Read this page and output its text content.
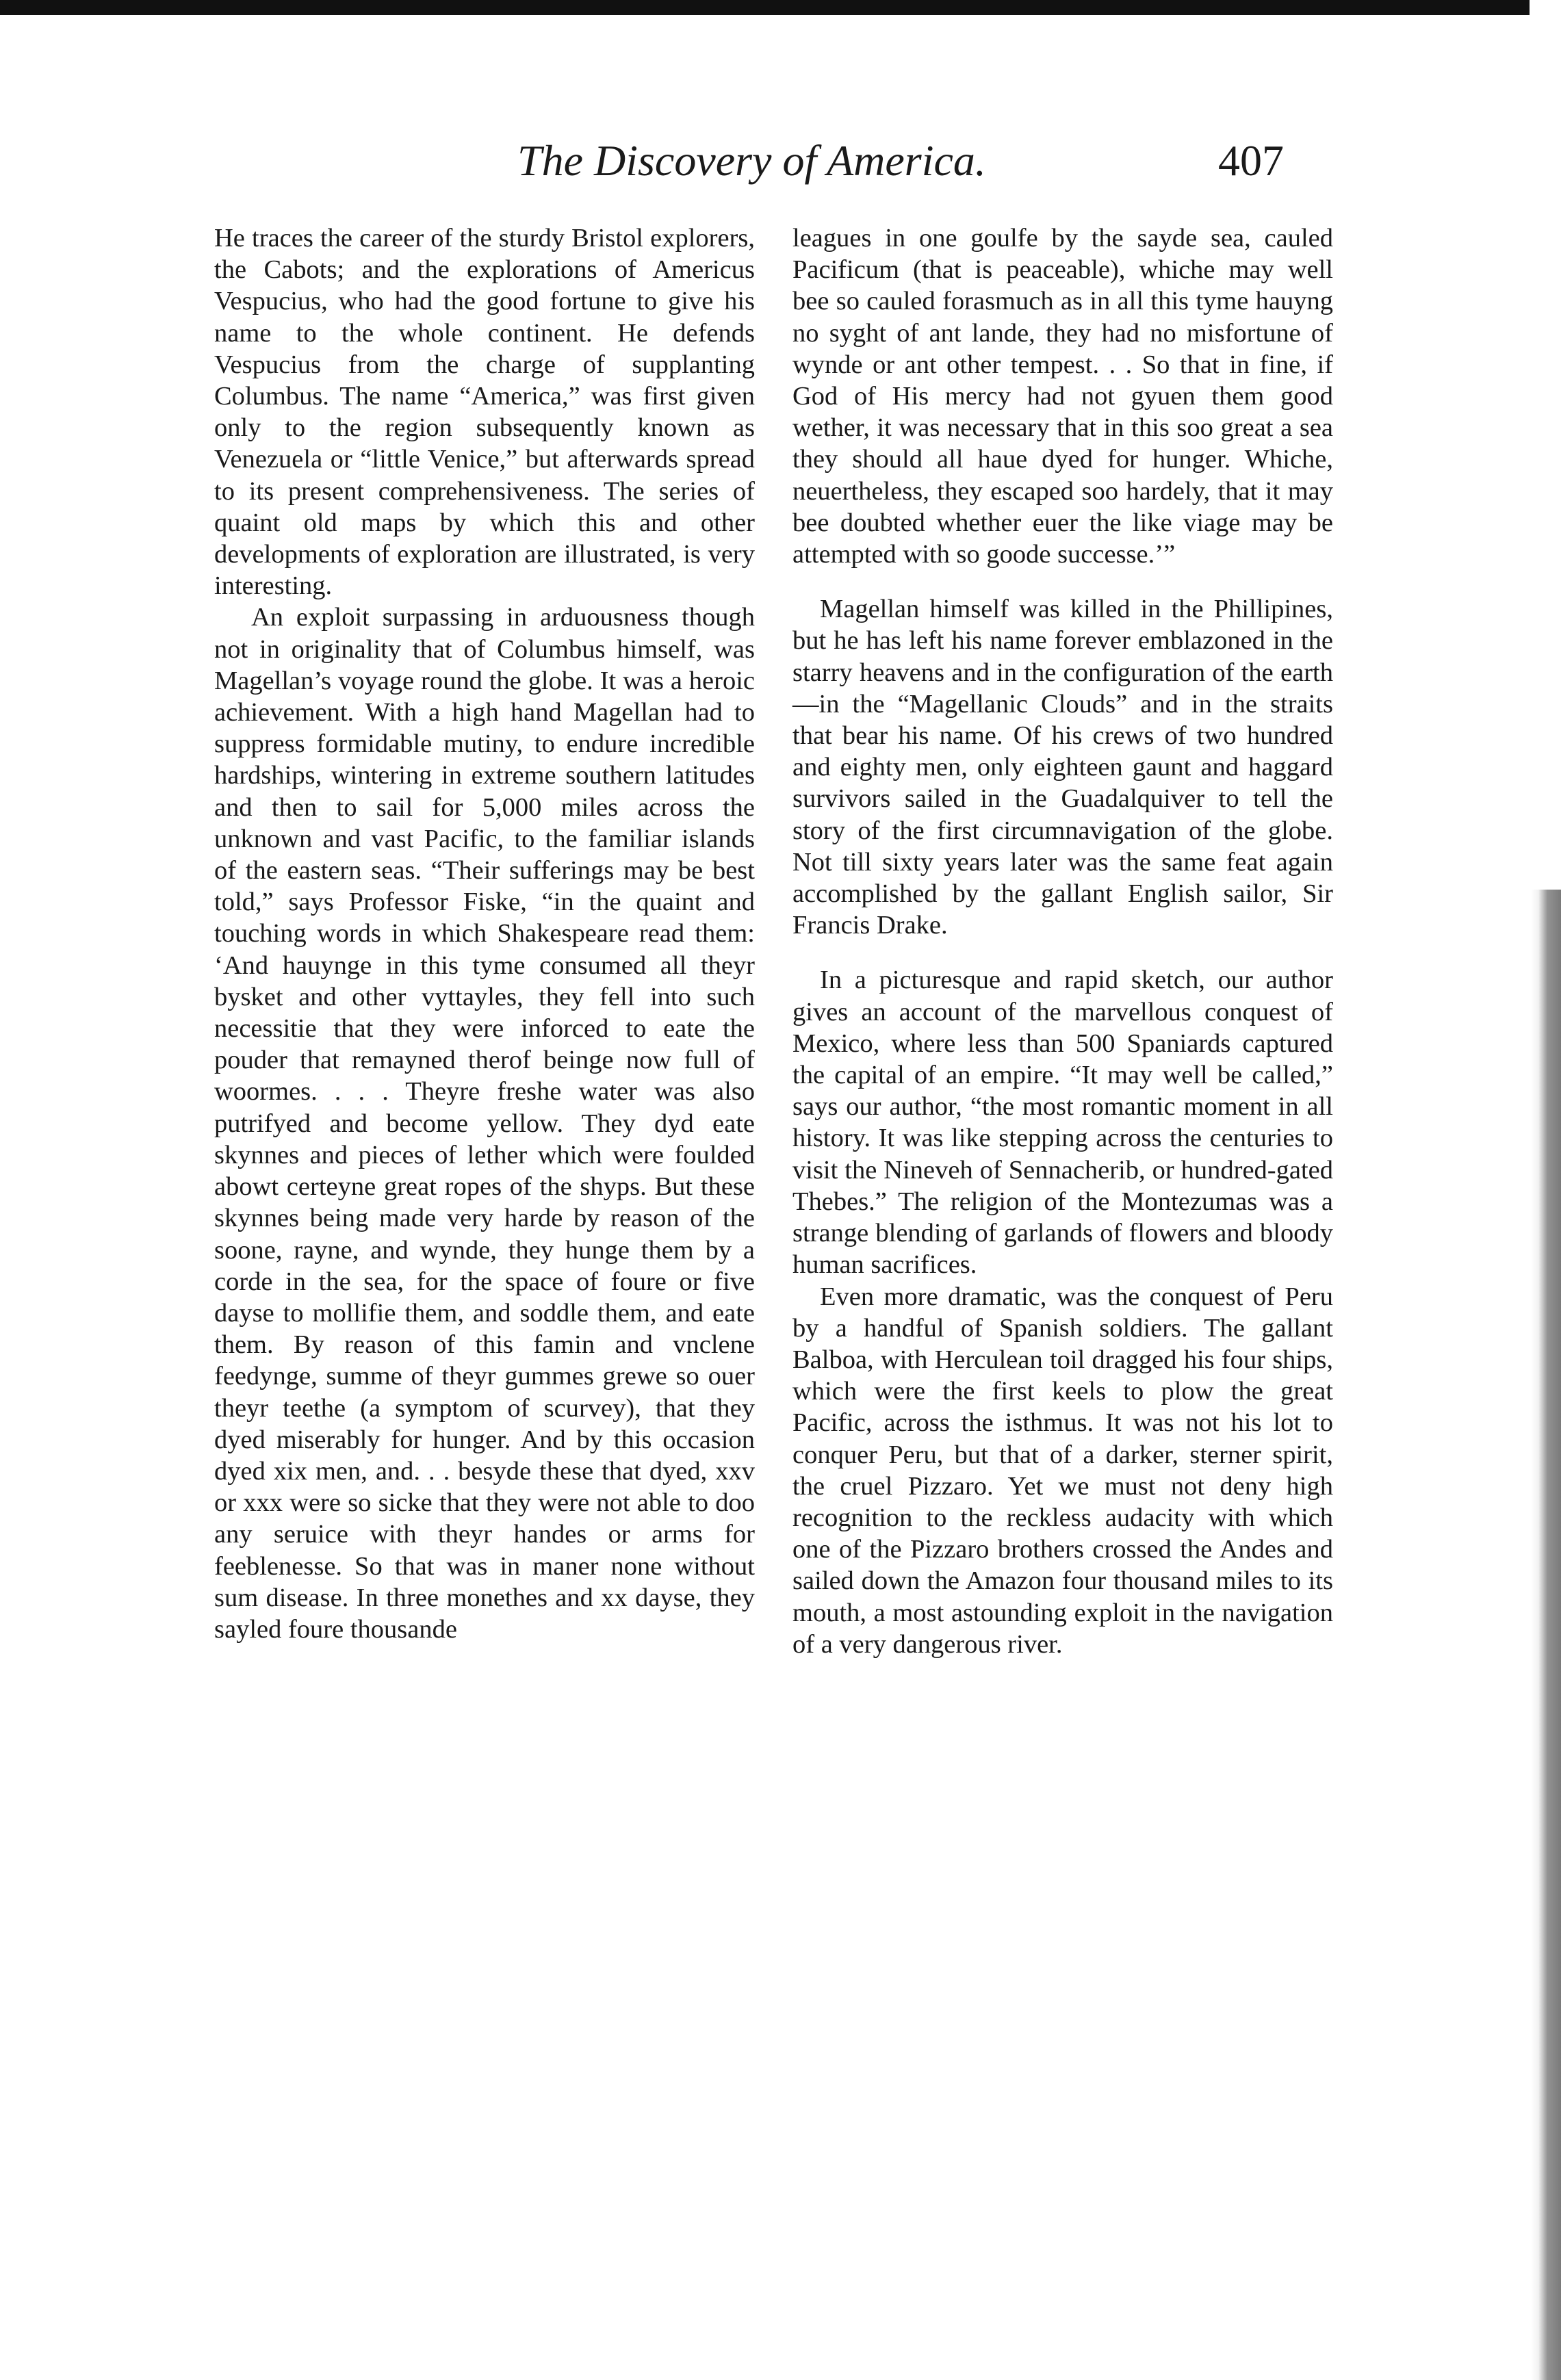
The Discovery of America.	407

He traces the career of the sturdy Bristol explorers, the Cabots; and the explorations of Americus Vespucius, who had the good fortune to give his name to the whole continent. He defends Vespucius from the charge of supplanting Columbus. The name “America,” was first given only to the region subsequently known as Venezuela or “little Venice,” but afterwards spread to its present comprehensiveness. The series of quaint old maps by which this and other developments of exploration are illustrated, is very interesting.

An exploit surpassing in arduousness though not in originality that of Columbus himself, was Magellan’s voyage round the globe. It was a heroic achievement. With a high hand Magellan had to suppress formidable mutiny, to endure incredible hardships, wintering in extreme southern latitudes and then to sail for 5,000 miles across the unknown and vast Pacific, to the familiar islands of the eastern seas. “Their sufferings may be best told,” says Professor Fiske, “in the quaint and touching words in which Shakespeare read them: ‘And hauynge in this tyme consumed all theyr bysket and other vyttayles, they fell into such necessitie that they were inforced to eate the pouder that remayned therof beinge now full of woormes. . . . Theyre freshe water was also putrifyed and become yellow. They dyd eate skynnes and pieces of lether which were foulded abowt certeyne great ropes of the shyps. But these skynnes being made very harde by reason of the soone, rayne, and wynde, they hunge them by a corde in the sea, for the space of foure or five dayse to mollifie them, and soddle them, and eate them. By reason of this famin and vnclene feedynge, summe of theyr gummes grewe so ouer theyr teethe (a symptom of scurvey), that they dyed miserably for hunger. And by this occasion dyed xix men, and. . . besyde these that dyed, xxv or xxx were so sicke that they were not able to doo any seruice with theyr handes or arms for feeblenesse. So that was in maner none without sum disease. In three monethes and xx dayse, they sayled foure thousande

leagues in one goulfe by the sayde sea, cauled Pacificum (that is peaceable), whiche may well bee so cauled forasmuch as in all this tyme hauyng no syght of ant lande, they had no misfortune of wynde or ant other tempest. . . So that in fine, if God of His mercy had not gyuen them good wether, it was necessary that in this soo great a sea they should all haue dyed for hunger. Whiche, neuertheless, they escaped soo hardely, that it may bee doubted whether euer the like viage may be attempted with so goode successe.’”

Magellan himself was killed in the Phillipines, but he has left his name forever emblazoned in the starry heavens and in the configuration of the earth—in the “Magellanic Clouds” and in the straits that bear his name. Of his crews of two hundred and eighty men, only eighteen gaunt and haggard survivors sailed in the Guadalquiver to tell the story of the first circumnavigation of the globe. Not till sixty years later was the same feat again accomplished by the gallant English sailor, Sir Francis Drake.

In a picturesque and rapid sketch, our author gives an account of the marvellous conquest of Mexico, where less than 500 Spaniards captured the capital of an empire. “It may well be called,” says our author, “the most romantic moment in all history. It was like stepping across the centuries to visit the Nineveh of Sennacherib, or hundred-gated Thebes.” The religion of the Montezumas was a strange blending of garlands of flowers and bloody human sacrifices.

Even more dramatic, was the conquest of Peru by a handful of Spanish soldiers. The gallant Balboa, with Herculean toil dragged his four ships, which were the first keels to plow the great Pacific, across the isthmus. It was not his lot to conquer Peru, but that of a darker, sterner spirit, the cruel Pizzaro. Yet we must not deny high recognition to the reckless audacity with which one of the Pizzaro brothers crossed the Andes and sailed down the Amazon four thousand miles to its mouth, a most astounding exploit in the navigation of a very dangerous river.
